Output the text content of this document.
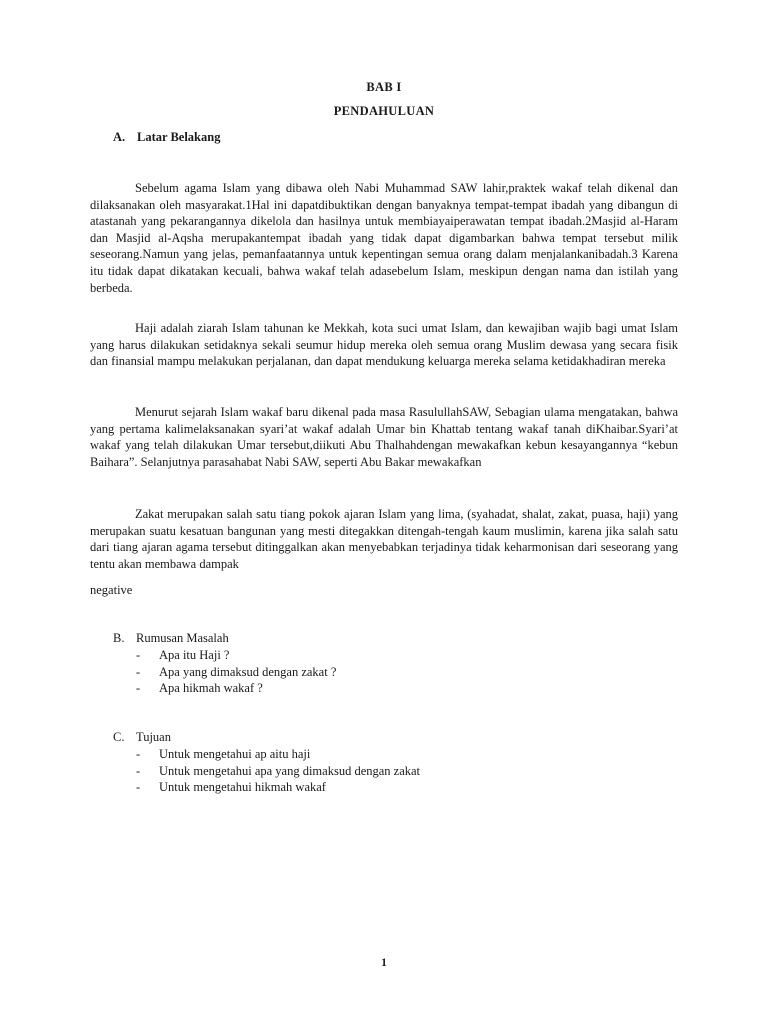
BAB I
PENDAHULUAN
A. Latar Belakang

Sebelum agama Islam yang dibawa oleh Nabi Muhammad SAW lahir,praktek wakaf telah dikenal dan dilaksanakan oleh masyarakat.1Hal ini dapatdibuktikan dengan banyaknya tempat-tempat ibadah yang dibangun di atastanah yang pekarangannya dikelola dan hasilnya untuk membiayaiperawatan tempat ibadah.2Masjid al-Haram dan Masjid al-Aqsha merupakantempat ibadah yang tidak dapat digambarkan bahwa tempat tersebut milik seseorang.Namun yang jelas, pemanfaatannya untuk kepentingan semua orang dalam menjalankanibadah.3 Karena itu tidak dapat dikatakan kecuali, bahwa wakaf telah adasebelum Islam, meskipun dengan nama dan istilah yang berbeda.

Haji adalah ziarah Islam tahunan ke Mekkah, kota suci umat Islam, dan kewajiban wajib bagi umat Islam yang harus dilakukan setidaknya sekali seumur hidup mereka oleh semua orang Muslim dewasa yang secara fisik dan finansial mampu melakukan perjalanan, dan dapat mendukung keluarga mereka selama ketidakhadiran mereka

Menurut sejarah Islam wakaf baru dikenal pada masa RasulullahSAW, Sebagian ulama mengatakan, bahwa yang pertama kalimelaksanakan syari’at wakaf adalah Umar bin Khattab tentang wakaf tanah diKhaibar.Syari’at wakaf yang telah dilakukan Umar tersebut,diikuti Abu Thalhahdengan mewakafkan kebun kesayangannya “kebun Baihara”. Selanjutnya parasahabat Nabi SAW, seperti Abu Bakar mewakafkan

Zakat merupakan salah satu tiang pokok ajaran Islam yang lima, (syahadat, shalat, zakat, puasa, haji) yang merupakan suatu kesatuan bangunan yang mesti ditegakkan ditengah-tengah kaum muslimin, karena jika salah satu dari tiang ajaran agama tersebut ditinggalkan akan menyebabkan terjadinya tidak keharmonisan dari seseorang yang tentu akan membawa dampak

negative

B. Rumusan Masalah
- Apa itu Haji ?
- Apa yang dimaksud dengan zakat ?
- Apa hikmah wakaf ?
C. Tujuan
- Untuk mengetahui ap aitu haji
- Untuk mengetahui apa yang dimaksud dengan zakat
- Untuk mengetahui hikmah wakaf
1
